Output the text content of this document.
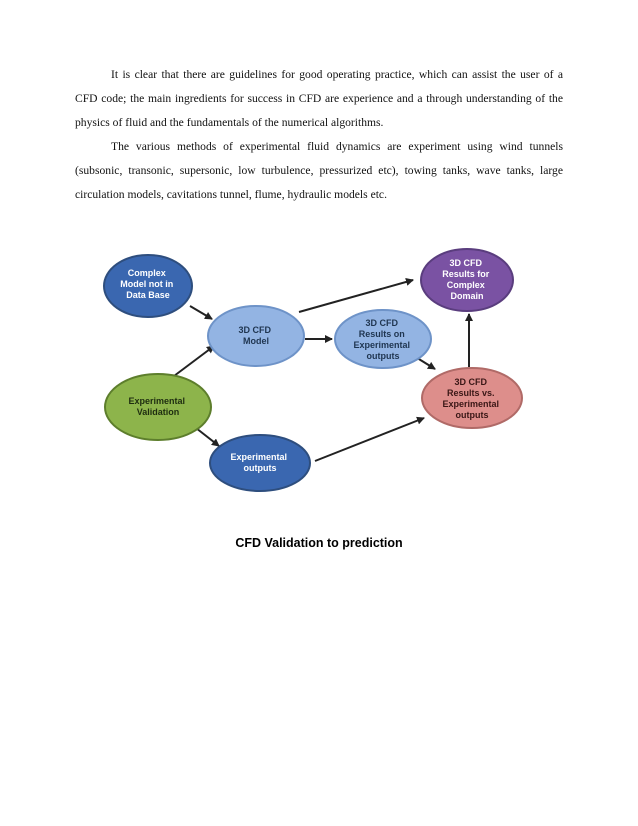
It is clear that there are guidelines for good operating practice, which can assist the user of a CFD code; the main ingredients for success in CFD are experience and a through understanding of the physics of fluid and the fundamentals of the numerical algorithms.

The various methods of experimental fluid dynamics are experiment using wind tunnels (subsonic, transonic, supersonic, low turbulence, pressurized etc), towing tanks, wave tanks, large circulation models, cavitations tunnel, flume, hydraulic models etc.

Complex Model not in Data Base
3D CFD Model
3D CFD Results on Experimental outputs
3D CFD Results for Complex Domain
Experimental Validation
3D CFD Results vs. Experimental outputs
Experimental outputs

CFD Validation to prediction
